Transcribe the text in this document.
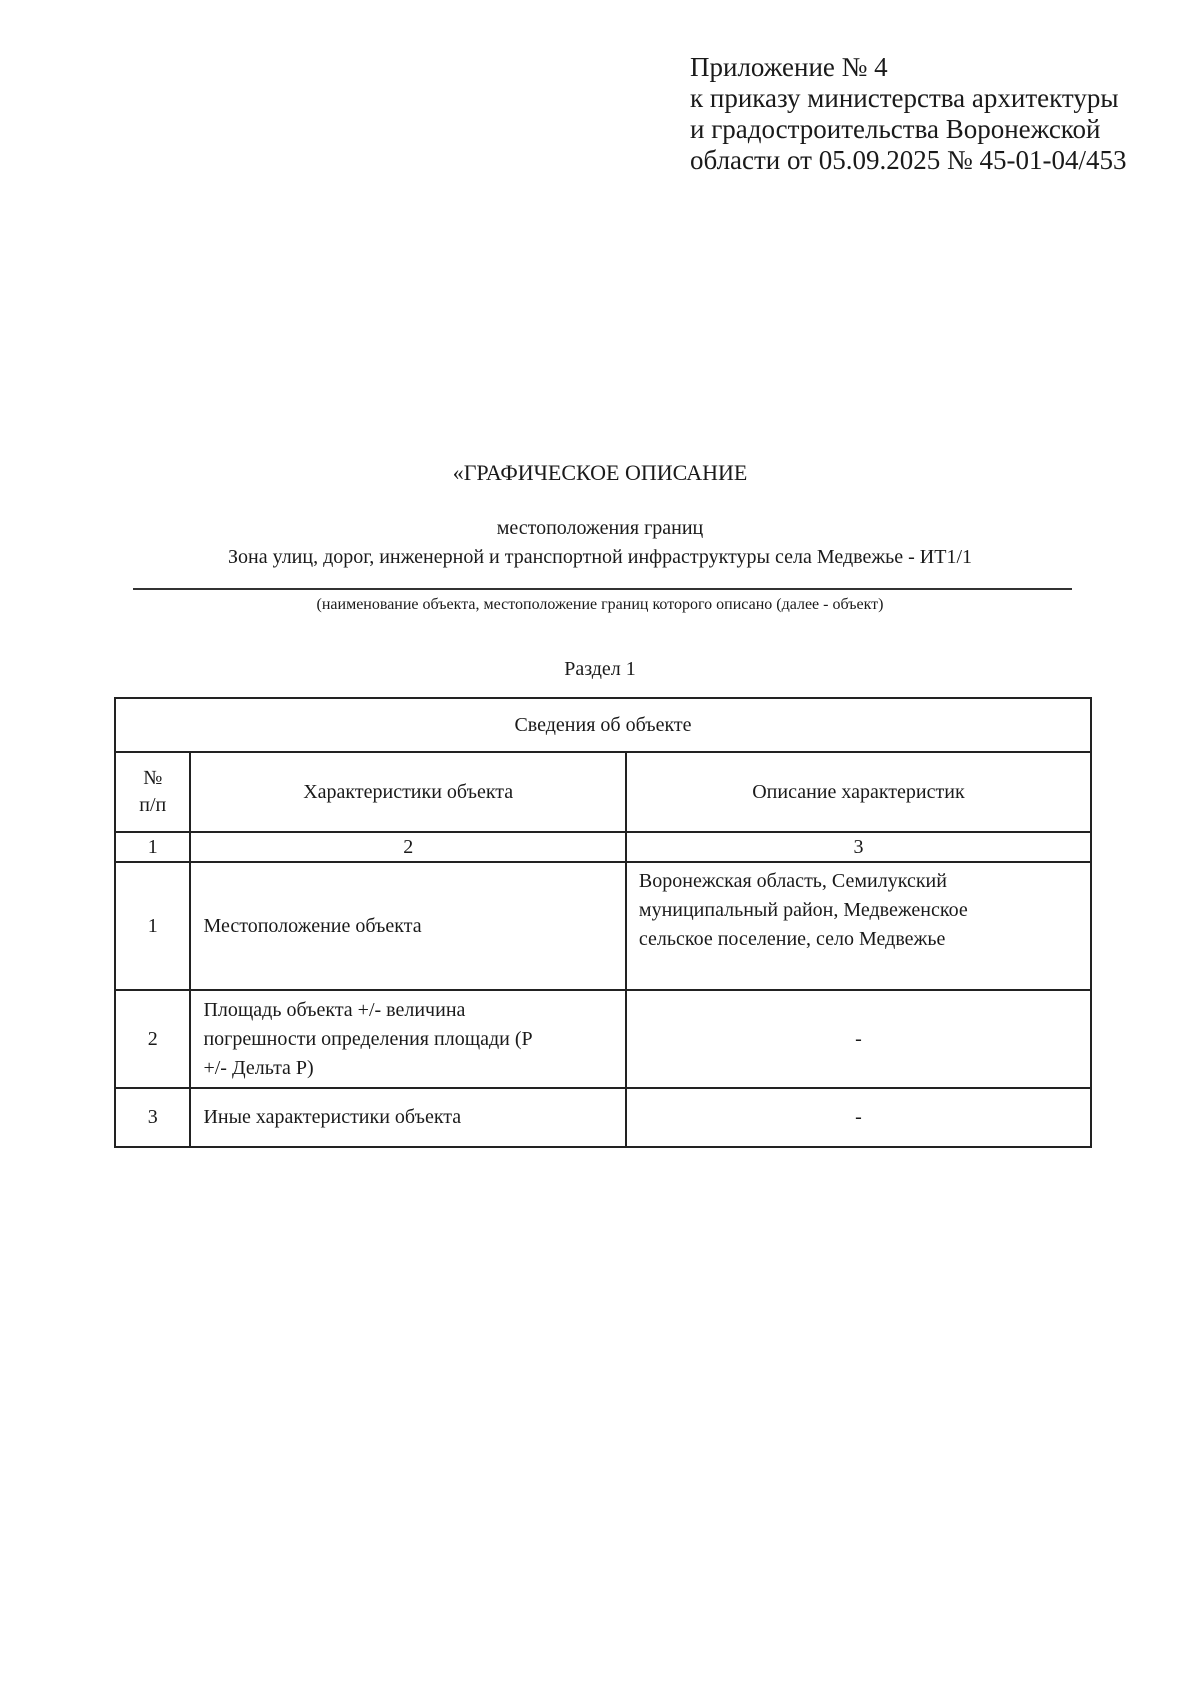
Приложение № 4
к приказу министерства архитектуры
и градостроительства Воронежской
области от 05.09.2025 № 45-01-04/453
«ГРАФИЧЕСКОЕ ОПИСАНИЕ
местоположения границ
Зона улиц, дорог, инженерной и транспортной инфраструктуры села Медвежье - ИТ1/1
(наименование объекта, местоположение границ которого описано (далее - объект)
Раздел 1
Сведения об объекте		

№
п/п	Характеристики объекта	Описание характеристик
1	2	3
1	Местоположение объекта	Воронежская область, Семилукский
муниципальный район, Медвеженское
сельское поселение, село Медвежье

2	Площадь объекта +/- величина
погрешности определения площади (P
+/- Дельта P)	-

3	Иные характеристики объекта	-
